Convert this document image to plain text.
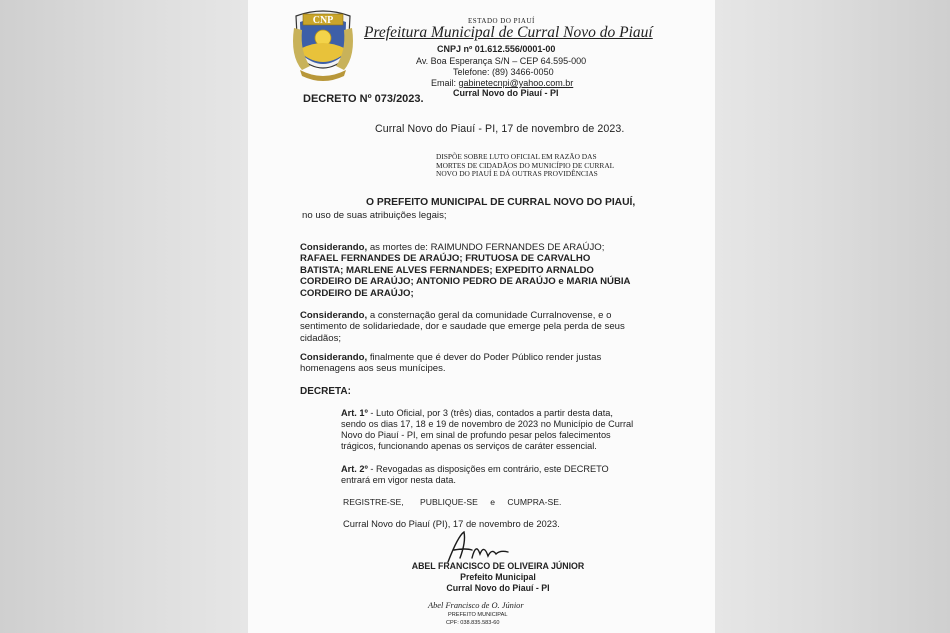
CNP	ESTADO DO PIAUÍ
Prefeitura Municipal de Curral Novo do Piauí
CNPJ nº 01.612.556/0001-00
Av. Boa Esperança S/N – CEP 64.595-000
Telefone: (89) 3466-0050
Email: gabinetecnpi@yahoo.com.br
Curral Novo do Piauí - PI
DECRETO Nº 073/2023.
Curral Novo do Piauí - PI, 17 de novembro de 2023.
DISPÕE SOBRE LUTO OFICIAL EM RAZÃO DAS
MORTES DE CIDADÃOS DO MUNICÍPIO DE CURRAL
NOVO DO PIAUÍ E DÁ OUTRAS PROVIDÊNCIAS
O PREFEITO MUNICIPAL DE CURRAL NOVO DO PIAUÍ,
no uso de suas atribuições legais;
Considerando, as mortes de: RAIMUNDO FERNANDES DE ARAÚJO;
RAFAEL FERNANDES DE ARAÚJO; FRUTUOSA DE CARVALHO
BATISTA; MARLENE ALVES FERNANDES; EXPEDITO ARNALDO
CORDEIRO DE ARAÚJO; ANTONIO PEDRO DE ARAÚJO e MARIA NÚBIA
CORDEIRO DE ARAÚJO;
Considerando, a consternação geral da comunidade Curralnovense, e o
sentimento de solidariedade, dor e saudade que emerge pela perda de seus
cidadãos;
Considerando, finalmente que é dever do Poder Público render justas
homenagens aos seus munícipes.
DECRETA:
Art. 1º - Luto Oficial, por 3 (três) dias, contados a partir desta data,
sendo os dias 17, 18 e 19 de novembro de 2023 no Município de Curral
Novo do Piauí - PI, em sinal de profundo pesar pelos falecimentos
trágicos, funcionando apenas os serviços de caráter essencial.
Art. 2º - Revogadas as disposições em contrário, este DECRETO
entrará em vigor nesta data.
REGISTRE-SE, PUBLIQUE-SE e CUMPRA-SE.
Curral Novo do Piauí (PI), 17 de novembro de 2023.
ABEL FRANCISCO DE OLIVEIRA JÚNIOR
Prefeito Municipal
Curral Novo do Piauí - PI
Abel Francisco de O. Júnior
PREFEITO MUNICIPAL
CPF: 038.835.583-60
